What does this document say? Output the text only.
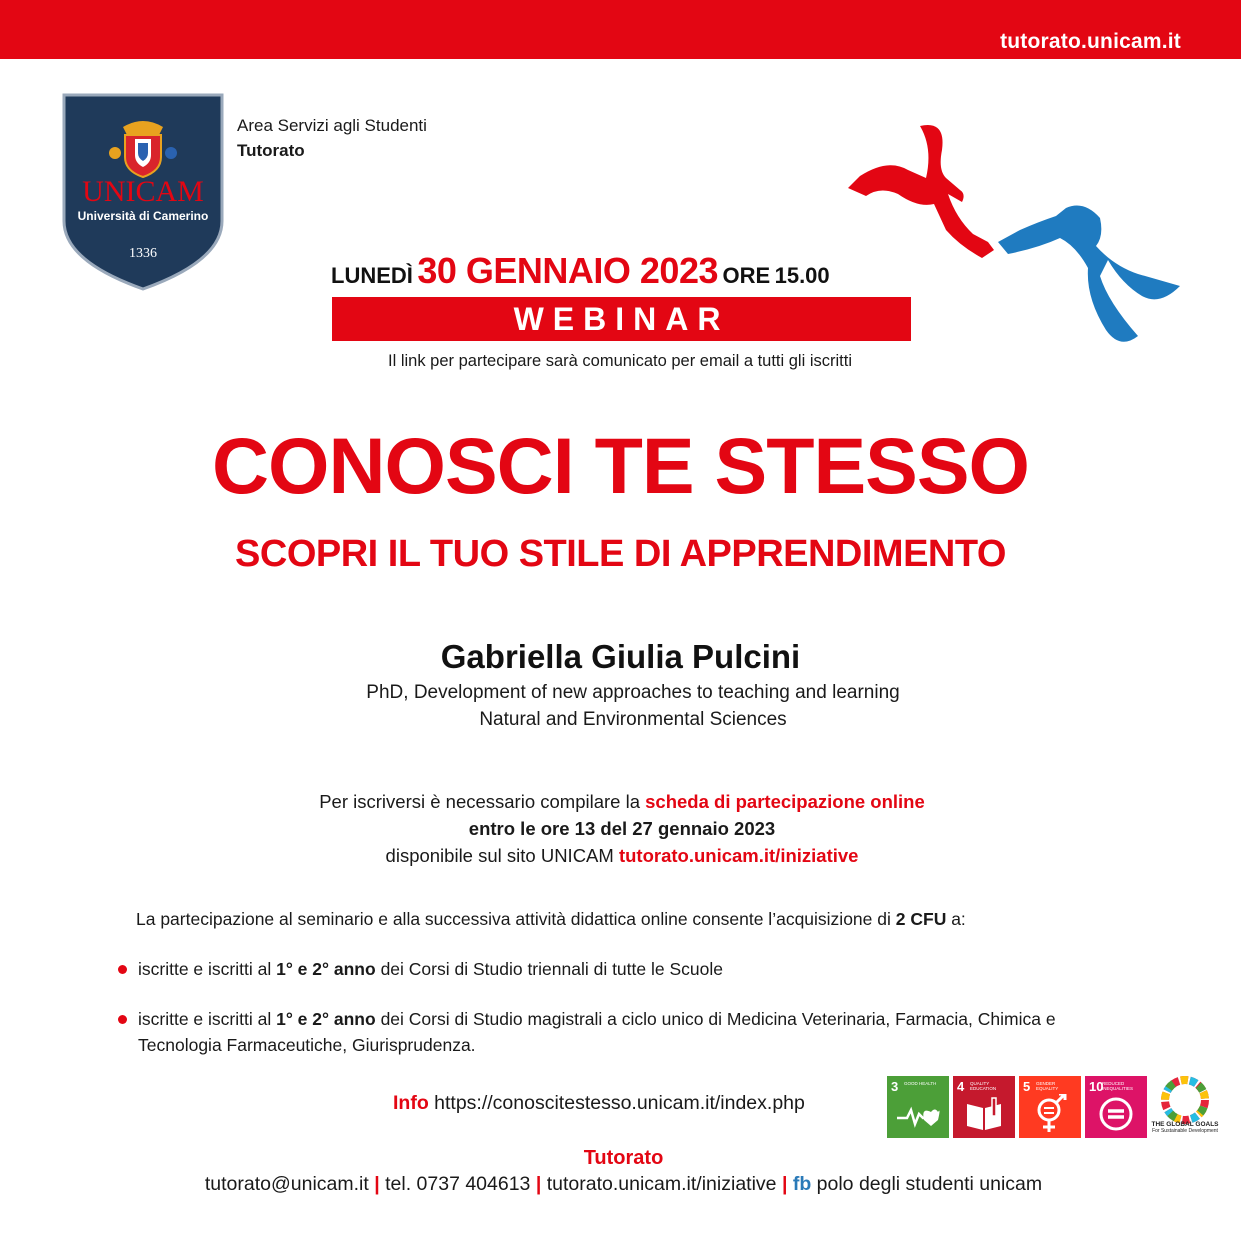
tutorato.unicam.it
UNICAM
Università di Camerino
1336
Area Servizi agli Studenti
Tutorato
LUNEDÌ 30 GENNAIO 2023 ORE 15.00
WEBINAR
Il link per partecipare sarà comunicato per email a tutti gli iscritti
CONOSCI TE STESSO
SCOPRI IL TUO STILE DI APPRENDIMENTO
Gabriella Giulia Pulcini
PhD, Development of new approaches to teaching and learning
Natural and Environmental Sciences
Per iscriversi è necessario compilare la scheda di partecipazione online
entro le ore 13 del 27 gennaio 2023
disponibile sul sito UNICAM tutorato.unicam.it/iniziative
La partecipazione al seminario e alla successiva attività didattica online consente l’acquisizione di 2 CFU a:
iscritte e iscritti al 1° e 2° anno dei Corsi di Studio triennali di tutte le Scuole
iscritte e iscritti al 1° e 2° anno dei Corsi di Studio magistrali a ciclo unico di Medicina Veterinaria, Farmacia, Chimica e Tecnologia Farmaceutiche, Giurisprudenza.
Info https://conoscitestesso.unicam.it/index.php
3 GOOD HEALTH	4 QUALITY EDUCATION	5 GENDER EQUALITY	10
REDUCED INEQUALITIES
THE GLOBAL GOALS
For Sustainable Development
Tutorato
tutorato@unicam.it | tel. 0737 404613 | tutorato.unicam.it/iniziative | fb polo degli studenti unicam
